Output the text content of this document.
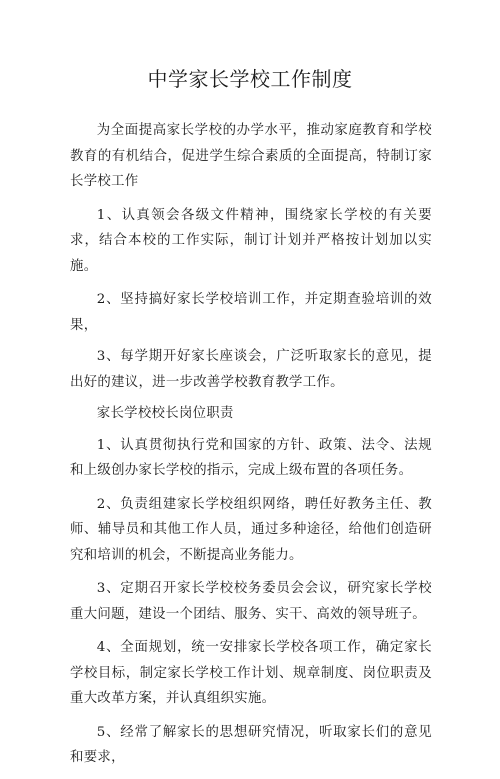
中学家长学校工作制度

为全面提高家长学校的办学水平，推动家庭教育和学校教育的有机结合，促进学生综合素质的全面提高，特制订家长学校工作

1、认真领会各级文件精神，围绕家长学校的有关要求，结合本校的工作实际，制订计划并严格按计划加以实施。

2、坚持搞好家长学校培训工作，并定期查验培训的效果，

3、每学期开好家长座谈会，广泛听取家长的意见，提出好的建议，进一步改善学校教育教学工作。

家长学校校长岗位职责

1、认真贯彻执行党和国家的方针、政策、法令、法规和上级创办家长学校的指示，完成上级布置的各项任务。

2、负责组建家长学校组织网络，聘任好教务主任、教师、辅导员和其他工作人员，通过多种途径，给他们创造研究和培训的机会，不断提高业务能力。

3、定期召开家长学校校务委员会会议，研究家长学校重大问题，建设一个团结、服务、实干、高效的领导班子。

4、全面规划，统一安排家长学校各项工作，确定家长学校目标，制定家长学校工作计划、规章制度、岗位职责及重大改革方案，并认真组织实施。

5、经常了解家长的思想研究情况，听取家长们的意见和要求，
